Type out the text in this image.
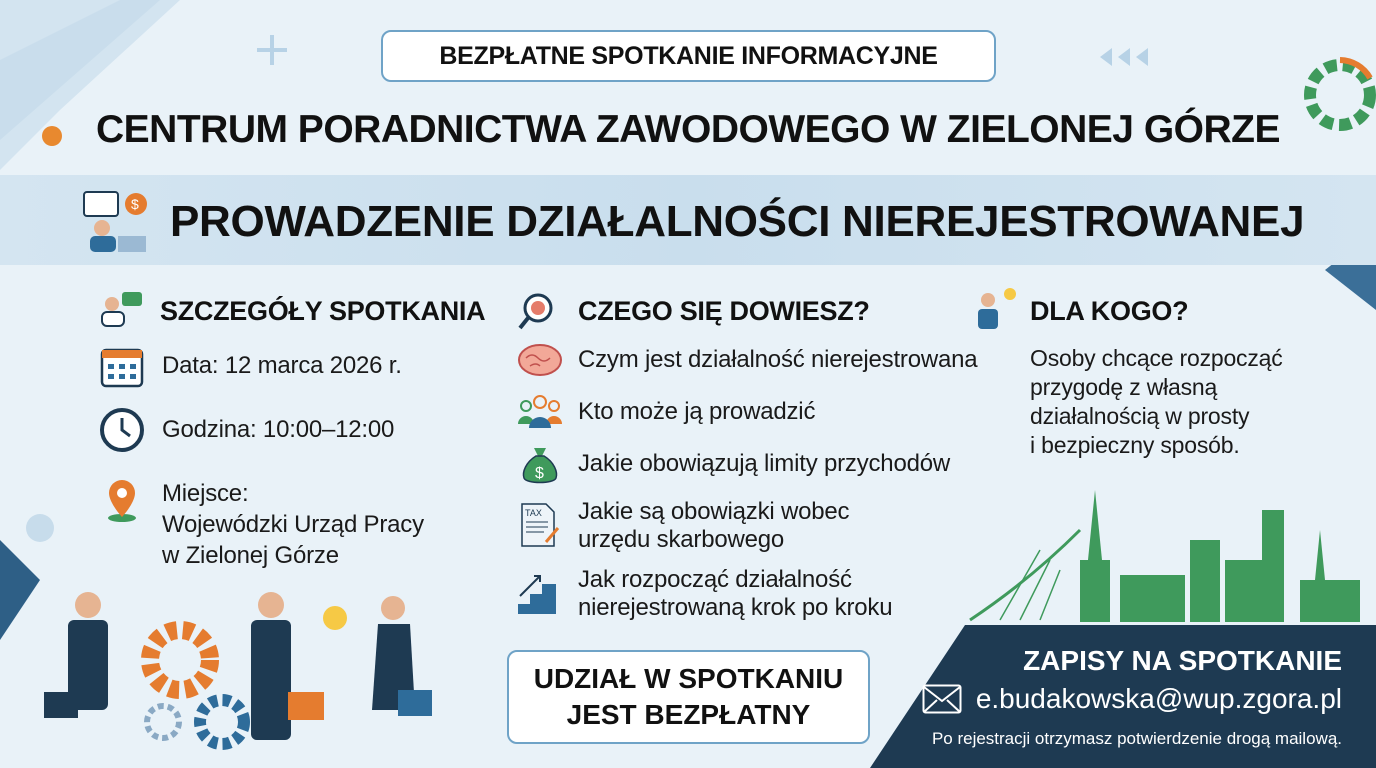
BEZPŁATNE SPOTKANIE INFORMACYJNE
CENTRUM PORADNICTWA ZAWODOWEGO W ZIELONEJ GÓRZE
$ PROWADZENIE DZIAŁALNOŚCI NIEREJESTROWANEJ
SZCZEGÓŁY SPOTKANIA
Data: 12 marca 2026 r.
Godzina: 10:00–12:00
Miejsce:
Wojewódzki Urząd Pracy
w Zielonej Górze
CZEGO SIĘ DOWIESZ?
Czym jest działalność nierejestrowana
Kto może ją prowadzić
$ Jakie obowiązują limity przychodów
TAX Jakie są obowiązki wobec
urzędu skarbowego
Jak rozpocząć działalność
nierejestrowaną krok po kroku
DLA KOGO?
Osoby chcące rozpocząć
przygodę z własną
działalnością w prosty
i bezpieczny sposób.
UDZIAŁ W SPOTKANIU
JEST BEZPŁATNY
ZAPISY NA SPOTKANIE
e.budakowska@wup.zgora.pl
Po rejestracji otrzymasz potwierdzenie drogą mailową.
